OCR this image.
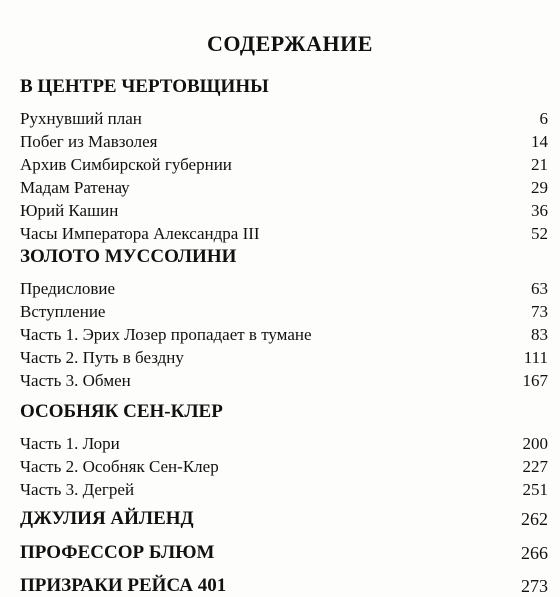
СОДЕРЖАНИЕ
В ЦЕНТРЕ ЧЕРТОВЩИНЫ
Рухнувший план	6
Побег из Мавзолея	14
Архив Симбирской губернии	21
Мадам Ратенау	29
Юрий Кашин	36
Часы Императора Александра III	52
ЗОЛОТО МУССОЛИНИ
Предисловие	63
Вступление	73
Часть 1. Эрих Лозер пропадает в тумане	83
Часть 2. Путь в бездну	111
Часть 3. Обмен	167
ОСОБНЯК СЕН-КЛЕР
Часть 1. Лори	200
Часть 2. Особняк Сен-Клер	227
Часть 3. Дегрей	251
ДЖУЛИЯ АЙЛЕНД	262
ПРОФЕССОР БЛЮМ	266
ПРИЗРАКИ РЕЙСА 401	273
